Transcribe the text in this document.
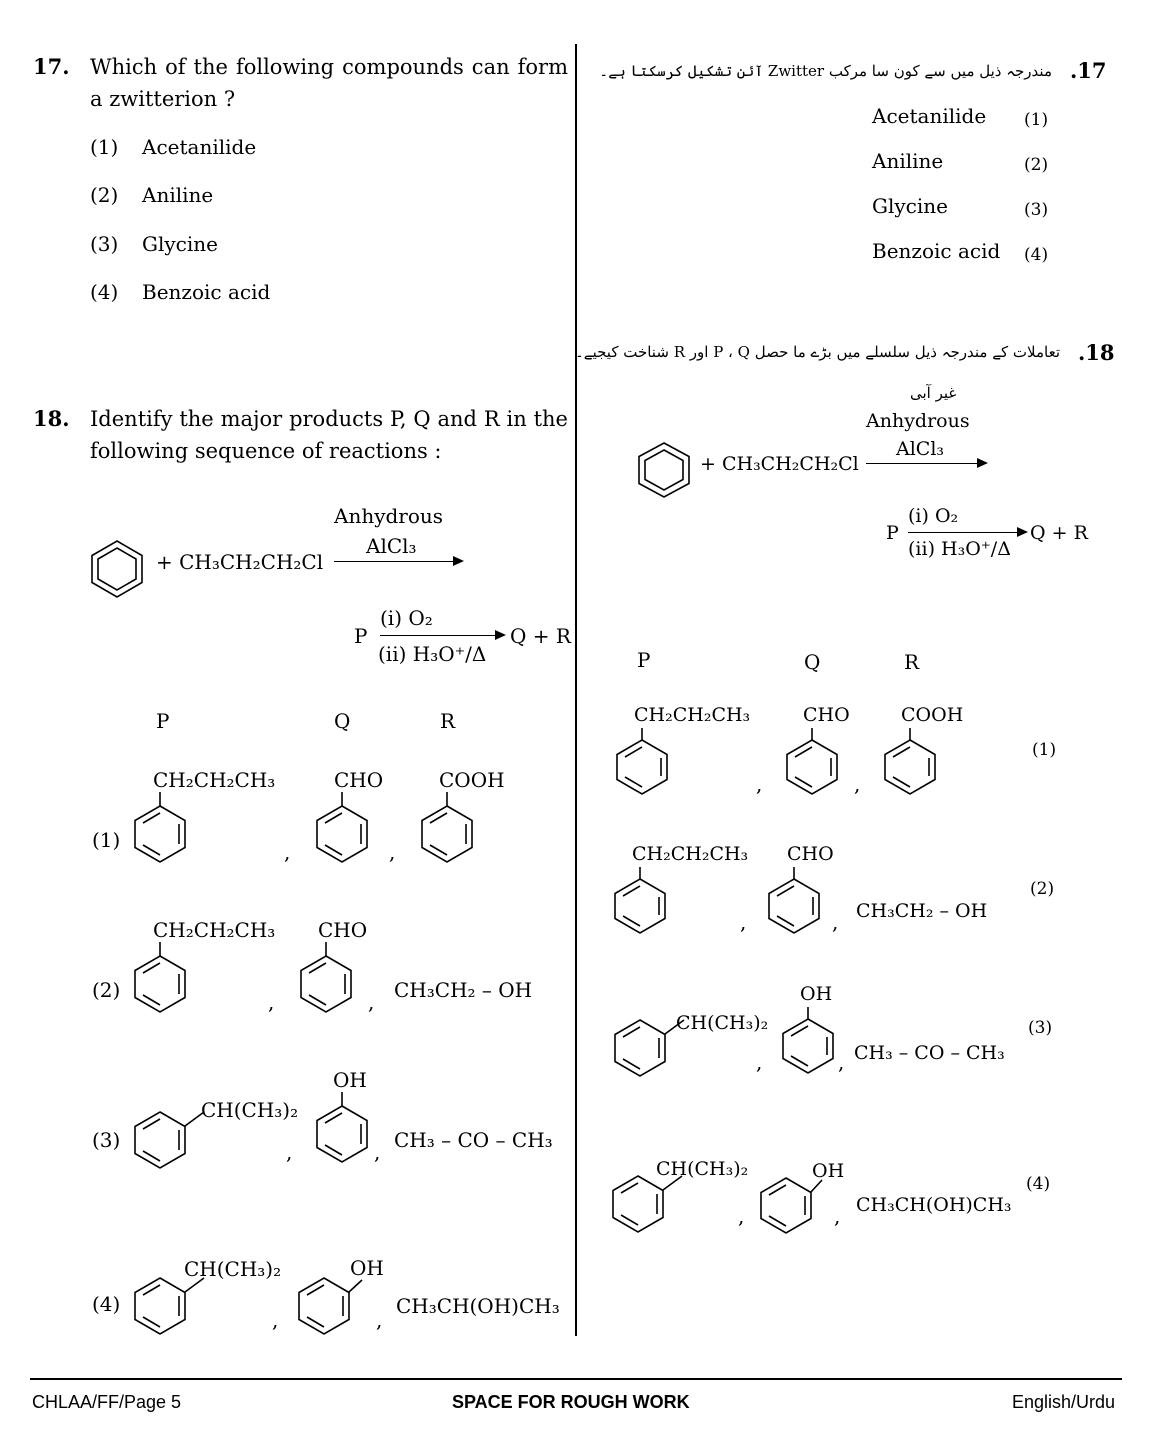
17. Which of the following compounds can form a zwitterion ?
(1) Acetanilide
(2) Aniline
(3) Glycine
(4) Benzoic acid
18. Identify the major products P, Q and R in the following sequence of reactions :
+ CH₃CH₂CH₂Cl
Anhydrous
AlCl₃
P
(i) O₂
(ii) H₃O⁺/Δ
Q + R
P	Q	R
(1)
CH₂CH₂CH₃
,
CHO
,
COOH
(2)
CH₂CH₂CH₃
,
CHO
, CH₃CH₂ – OH
(3)
CH(CH₃)₂
,
OH
, CH₃ – CO – CH₃
(4)
CH(CH₃)₂
,
OH
,
CH₃CH(OH)CH₃
.17
مندرجہ ذیل میں سے کون سا مرکب Zwitter آئن تشکیل کرسکتا ہے۔
Acetanilide (1)
Aniline	(2)
Glycine	(3)
Benzoic acid (4)
.18
تعاملات کے مندرجہ ذیل سلسلے میں بڑے ما حصل P ، Q اور R شناخت کیجیے۔
غیر آبی
Anhydrous
AlCl₃
+ CH₃CH₂CH₂Cl
P
(i) O₂
(ii) H₃O⁺/Δ
Q + R
P	Q	R
CH₂CH₂CH₃
,
CHO
,
COOH
(1)
CH₂CH₂CH₃
,
CHO
, CH₃CH₂ – OH
(2)
CH(CH₃)₂
,
OH
, CH₃ – CO – CH₃
(3)
CH(CH₃)₂
,
OH
, CH₃CH(OH)CH₃
(4)
CHLAA/FF/Page 5	SPACE FOR ROUGH WORK	English/Urdu
